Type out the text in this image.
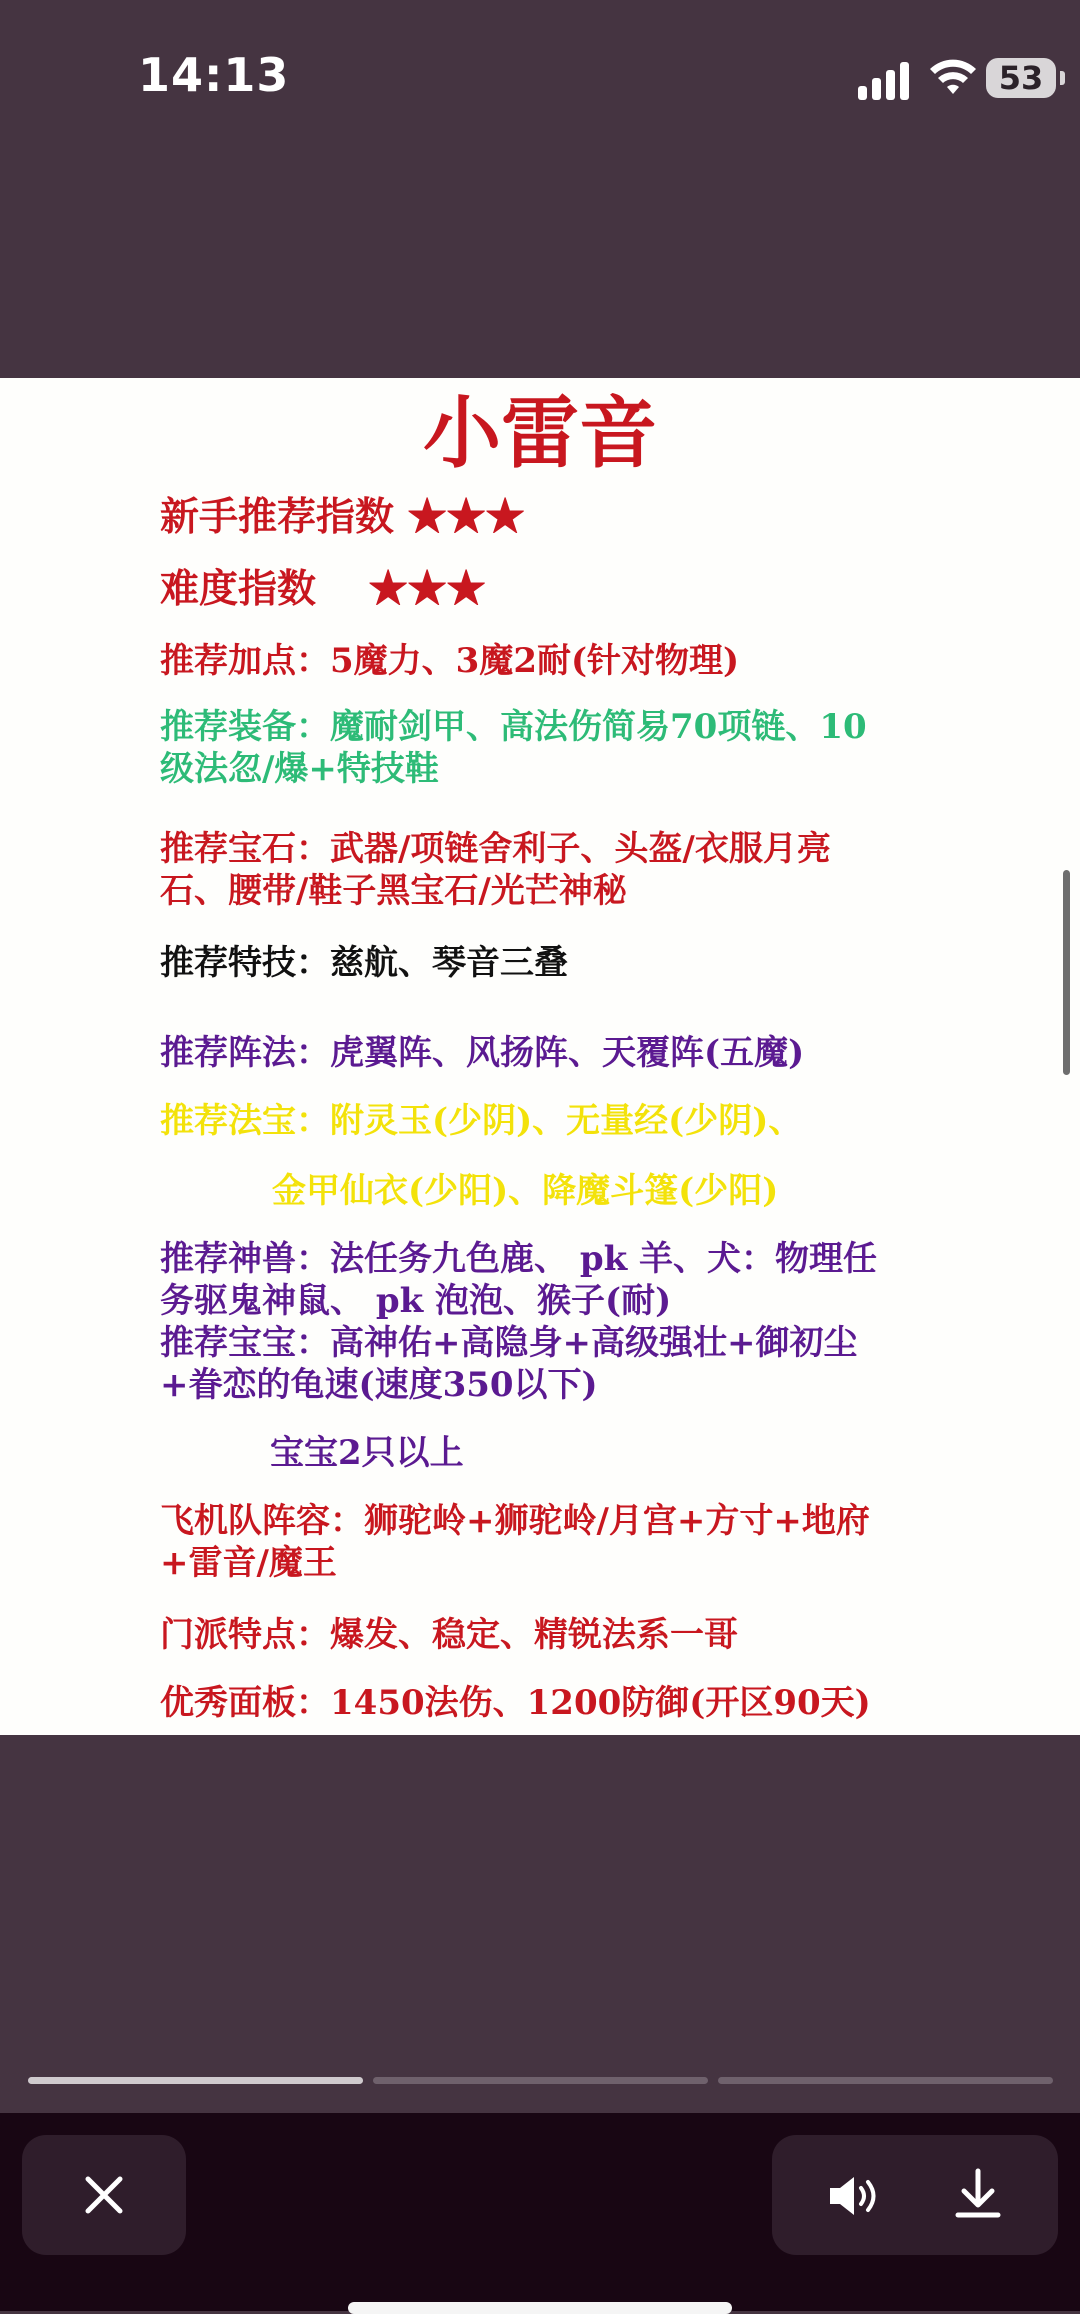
14:13	53
小雷音
新手推荐指数 ★★★
难度指数　 ★★★
推荐加点：5魔力、3魔2耐(针对物理)
推荐装备：魔耐剑甲、高法伤简易70项链、10
级法忽/爆+特技鞋
推荐宝石：武器/项链舍利子、头盔/衣服月亮
石、腰带/鞋子黑宝石/光芒神秘
推荐特技：慈航、琴音三叠
推荐阵法：虎翼阵、风扬阵、天覆阵(五魔)
推荐法宝：附灵玉(少阴)、无量经(少阴)、
金甲仙衣(少阳)、降魔斗篷(少阳)
推荐神兽：法任务九色鹿、 pk 羊、犬：物理任
务驱鬼神鼠、 pk 泡泡、猴子(耐)
推荐宝宝：高神佑+高隐身+高级强壮+御初尘
+眷恋的龟速(速度350以下)
宝宝2只以上
飞机队阵容：狮驼岭+狮驼岭/月宫+方寸+地府
+雷音/魔王
门派特点：爆发、稳定、精锐法系一哥
优秀面板：1450法伤、1200防御(开区90天)
